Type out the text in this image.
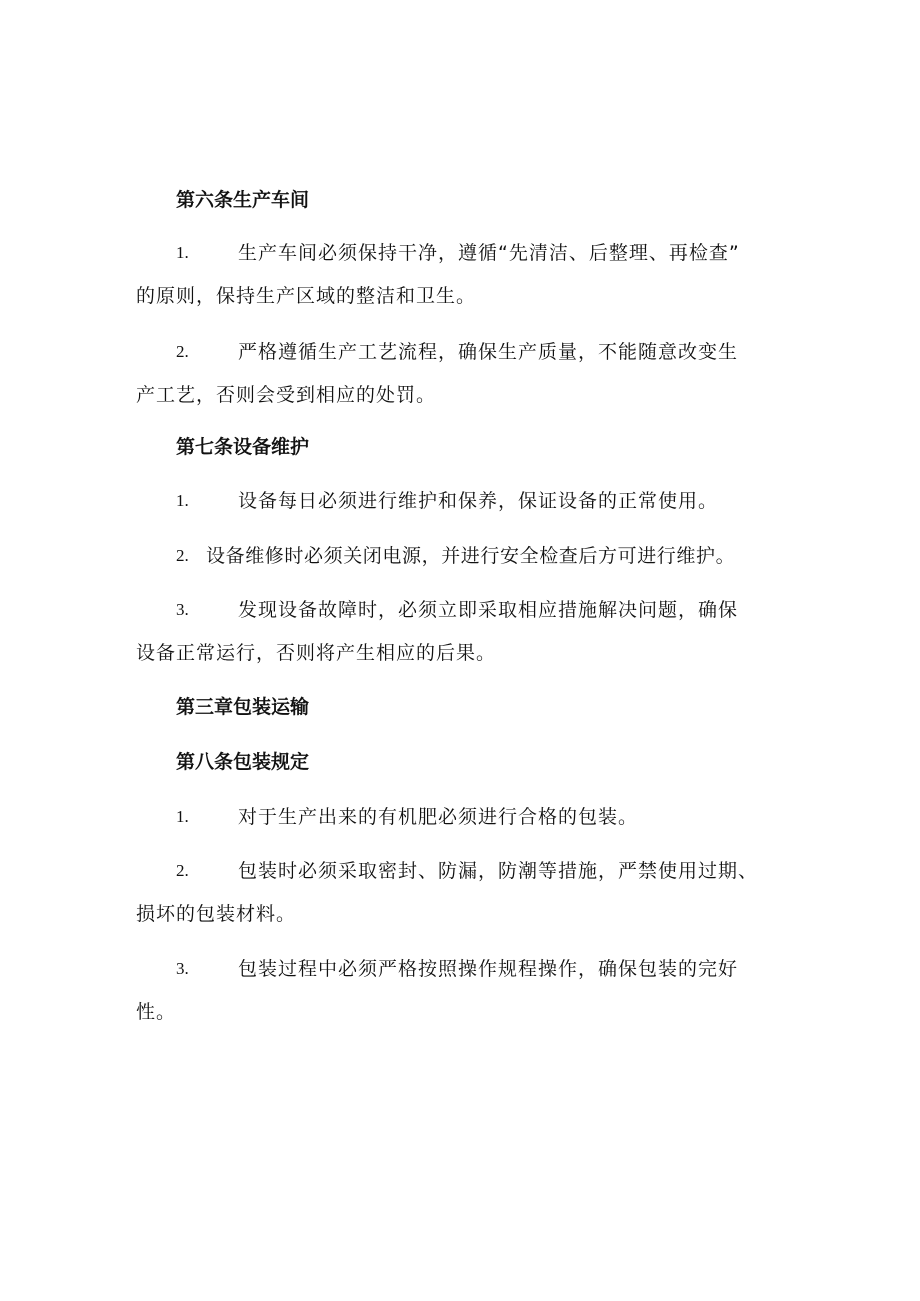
第六条生产车间
1.	生产车间必须保持干净，遵循“先清洁、后整理、再检查”
的原则，保持生产区域的整洁和卫生。
2.	严格遵循生产工艺流程，确保生产质量，不能随意改变生
产工艺，否则会受到相应的处罚。
第七条设备维护
1.	设备每日必须进行维护和保养，保证设备的正常使用。
2. 设备维修时必须关闭电源，并进行安全检查后方可进行维护。
3.	发现设备故障时，必须立即采取相应措施解决问题，确保
设备正常运行，否则将产生相应的后果。
第三章包装运输
第八条包装规定
1.	对于生产出来的有机肥必须进行合格的包装。
2.	包装时必须采取密封、防漏，防潮等措施，严禁使用过期、
损坏的包装材料。
3.	包装过程中必须严格按照操作规程操作，确保包装的完好
性。
